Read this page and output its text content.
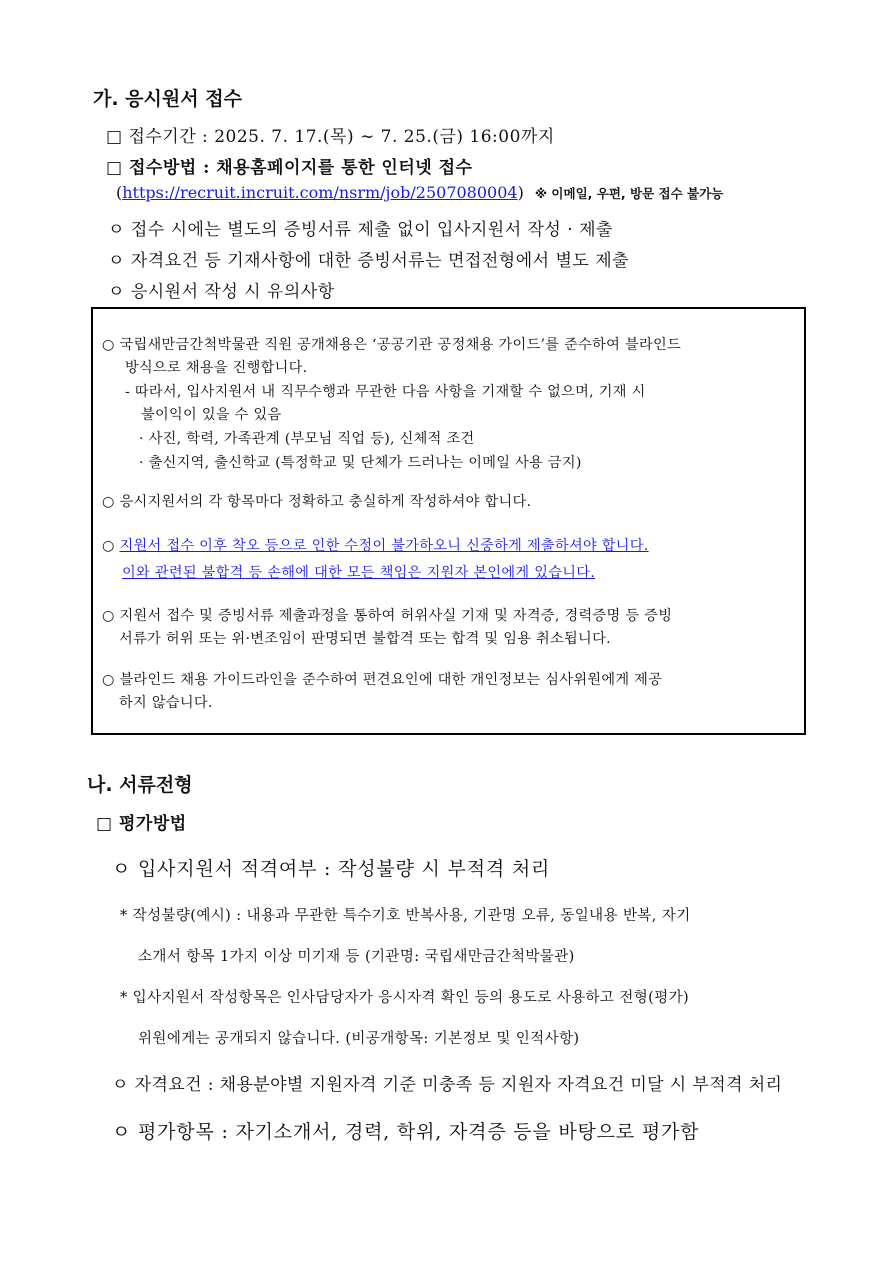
가. 응시원서 접수
□ 접수기간 : 2025. 7. 17.(목) ∼ 7. 25.(금) 16:00까지
□ 접수방법 : 채용홈페이지를 통한 인터넷 접수
(https://recruit.incruit.com/nsrm/job/2507080004) ※ 이메일, 우편, 방문 접수 불가능
ㅇ 접수 시에는 별도의 증빙서류 제출 없이 입사지원서 작성 · 제출
ㅇ 자격요건 등 기재사항에 대한 증빙서류는 면접전형에서 별도 제출
ㅇ 응시원서 작성 시 유의사항
○ 국립새만금간척박물관 직원 공개채용은 ‘공공기관 공정채용 가이드’를 준수하여 블라인드
방식으로 채용을 진행합니다.
- 따라서, 입사지원서 내 직무수행과 무관한 다음 사항을 기재할 수 없으며, 기재 시
불이익이 있을 수 있음
· 사진, 학력, 가족관계 (부모님 직업 등), 신체적 조건
· 출신지역, 출신학교 (특정학교 및 단체가 드러나는 이메일 사용 금지)
○ 응시지원서의 각 항목마다 정확하고 충실하게 작성하셔야 합니다.
○ 지원서 접수 이후 착오 등으로 인한 수정이 불가하오니 신중하게 제출하셔야 합니다.
이와 관련된 불합격 등 손해에 대한 모든 책임은 지원자 본인에게 있습니다.
○ 지원서 접수 및 증빙서류 제출과정을 통하여 허위사실 기재 및 자격증, 경력증명 등 증빙
서류가 허위 또는 위·변조임이 판명되면 불합격 또는 합격 및 임용 취소됩니다.
○ 블라인드 채용 가이드라인을 준수하여 편견요인에 대한 개인정보는 심사위원에게 제공
하지 않습니다.
나. 서류전형
□ 평가방법
ㅇ 입사지원서 적격여부 : 작성불량 시 부적격 처리
* 작성불량(예시) : 내용과 무관한 특수기호 반복사용, 기관명 오류, 동일내용 반복, 자기
소개서 항목 1가지 이상 미기재 등 (기관명: 국립새만금간척박물관)
* 입사지원서 작성항목은 인사담당자가 응시자격 확인 등의 용도로 사용하고 전형(평가)
위원에게는 공개되지 않습니다. (비공개항목: 기본정보 및 인적사항)
ㅇ 자격요건 : 채용분야별 지원자격 기준 미충족 등 지원자 자격요건 미달 시 부적격 처리
ㅇ 평가항목 : 자기소개서, 경력, 학위, 자격증 등을 바탕으로 평가함
